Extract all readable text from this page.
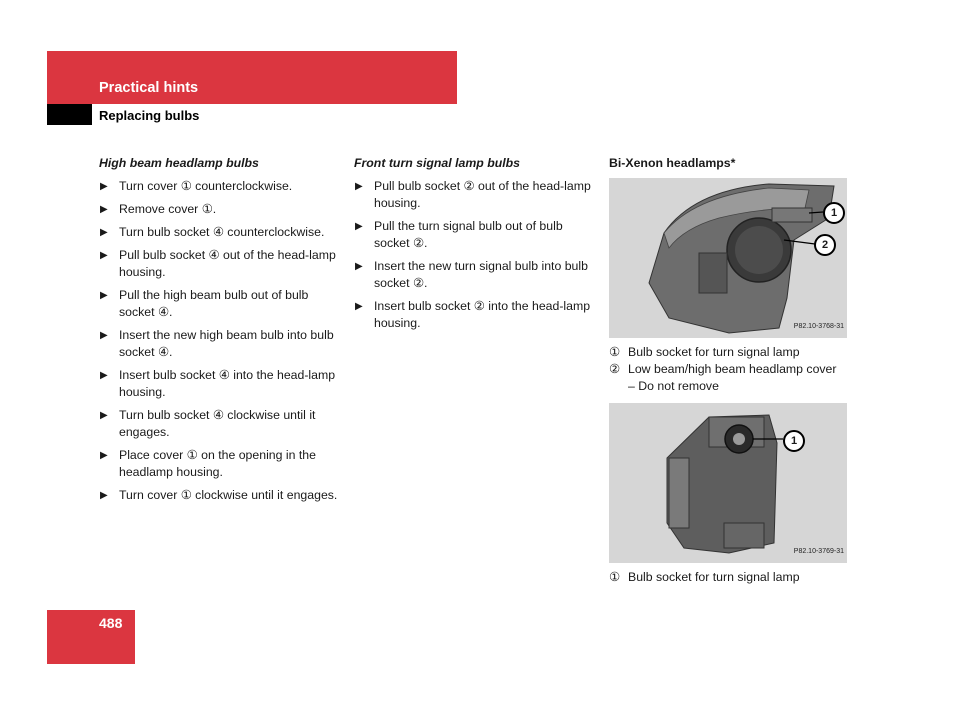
Practical hints
Replacing bulbs
High beam headlamp bulbs
▶ Turn cover ① counterclockwise.
▶ Remove cover ①.
▶ Turn bulb socket ④ counterclockwise.
▶ Pull bulb socket ④ out of the head-lamp housing.
▶ Pull the high beam bulb out of bulb socket ④.
▶ Insert the new high beam bulb into bulb socket ④.
▶ Insert bulb socket ④ into the head-lamp housing.
▶ Turn bulb socket ④ clockwise until it engages.
▶ Place cover ① on the opening in the headlamp housing.
▶ Turn cover ① clockwise until it engages.
Front turn signal lamp bulbs
▶ Pull bulb socket ② out of the head-lamp housing.
▶ Pull the turn signal bulb out of bulb socket ②.
▶ Insert the new turn signal bulb into bulb socket ②.
▶ Insert bulb socket ② into the head-lamp housing.
Bi-Xenon headlamps*
1
2
P82.10-3768-31
① Bulb socket for turn signal lamp
② Low beam/high beam headlamp cover
– Do not remove
1
P82.10-3769-31
① Bulb socket for turn signal lamp
488
